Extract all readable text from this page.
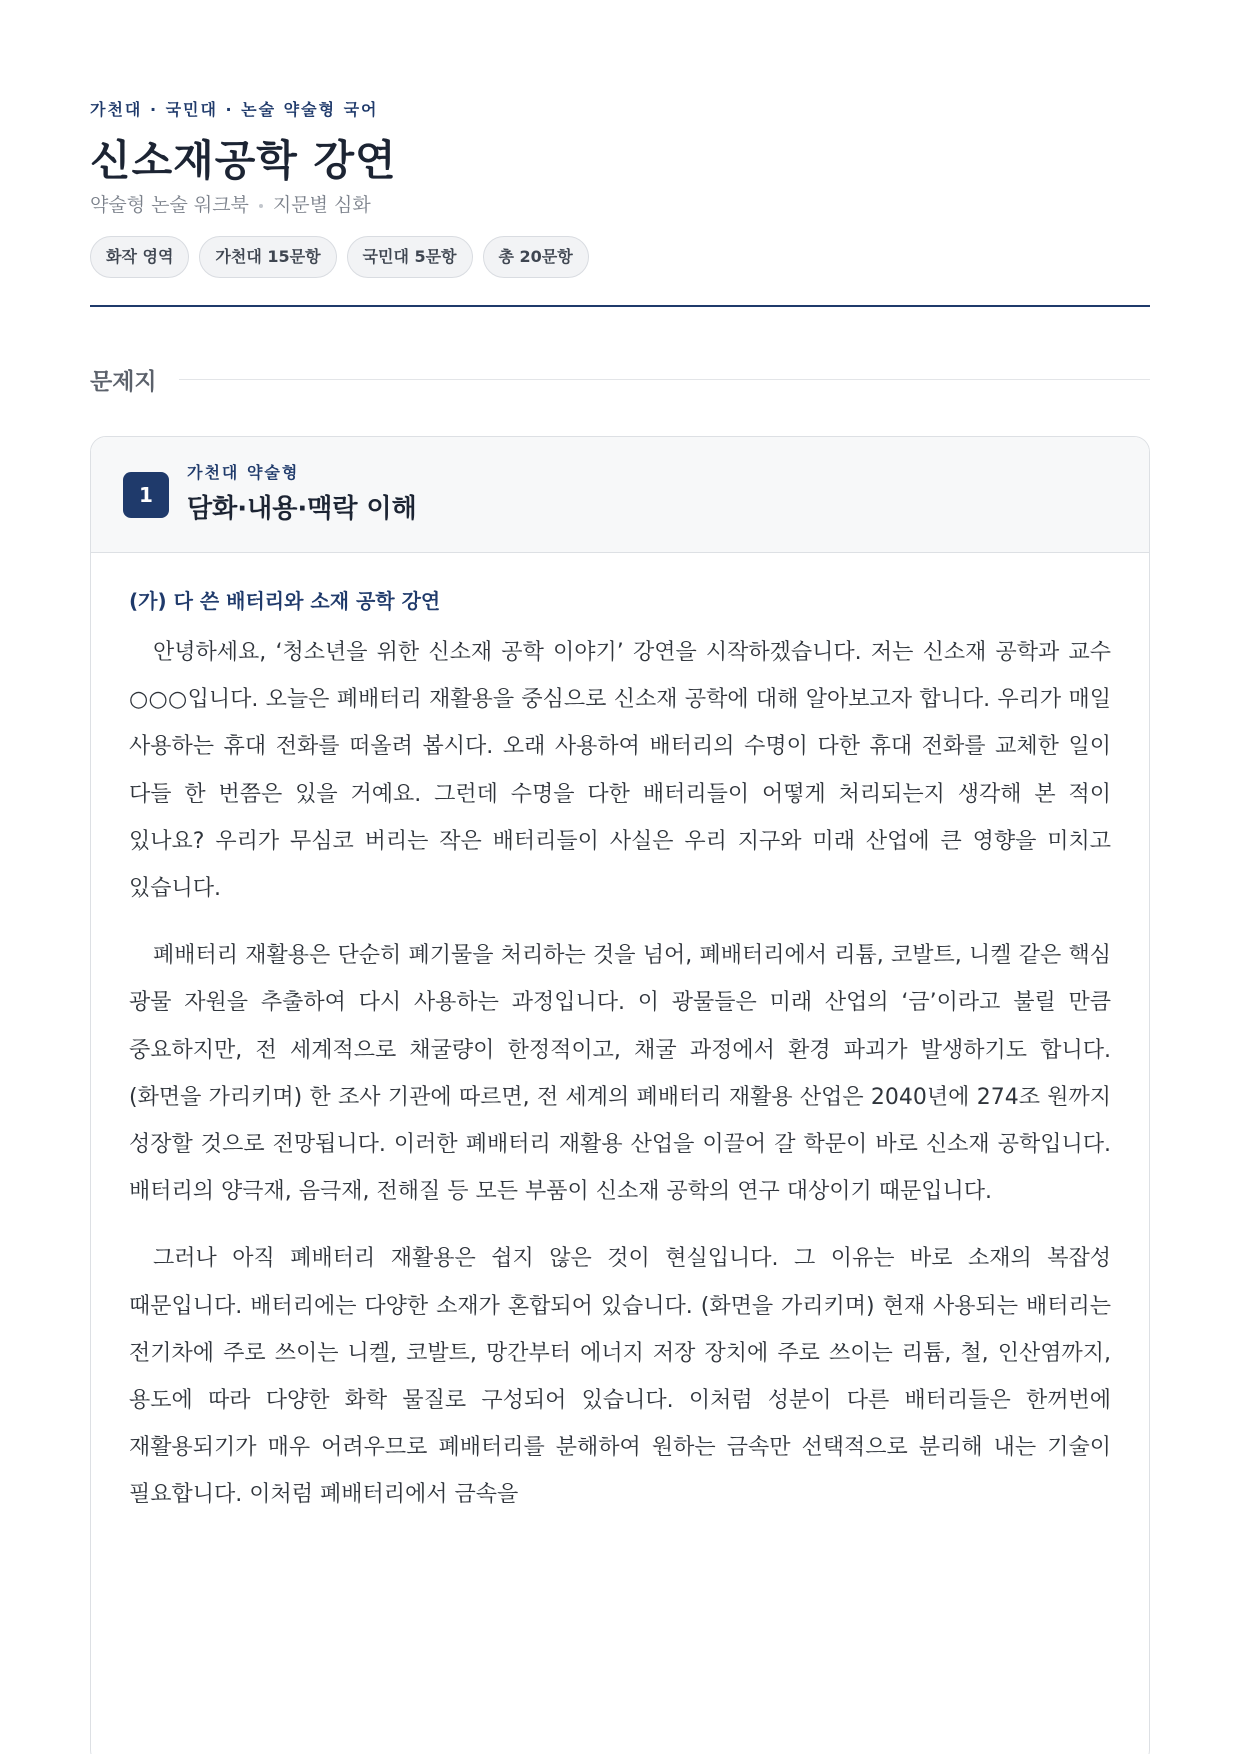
가천대 · 국민대 · 논술 약술형 국어
신소재공학 강연
약술형 논술 워크북 지문별 심화
화작 영역	가천대 15문항	국민대 5문항	총 20문항
문제지
1
가천대 약술형
담화·내용·맥락 이해
(가) 다 쓴 배터리와 소재 공학 강연

안녕하세요, ‘청소년을 위한 신소재 공학 이야기’ 강연을 시작하겠습니다. 저는 신소재 공학과 교수 ○○○입니다. 오늘은 폐배터리 재활용을 중심으로 신소재 공학에 대해 알아보고자 합니다. 우리가 매일 사용하는 휴대 전화를 떠올려 봅시다. 오래 사용하여 배터리의 수명이 다한 휴대 전화를 교체한 일이 다들 한 번쯤은 있을 거예요. 그런데 수명을 다한 배터리들이 어떻게 처리되는지 생각해 본 적이 있나요? 우리가 무심코 버리는 작은 배터리들이 사실은 우리 지구와 미래 산업에 큰 영향을 미치고 있습니다.

폐배터리 재활용은 단순히 폐기물을 처리하는 것을 넘어, 폐배터리에서 리튬, 코발트, 니켈 같은 핵심 광물 자원을 추출하여 다시 사용하는 과정입니다. 이 광물들은 미래 산업의 ‘금’이라고 불릴 만큼 중요하지만, 전 세계적으로 채굴량이 한정적이고, 채굴 과정에서 환경 파괴가 발생하기도 합니다. (화면을 가리키며) 한 조사 기관에 따르면, 전 세계의 폐배터리 재활용 산업은 2040년에 274조 원까지 성장할 것으로 전망됩니다. 이러한 폐배터리 재활용 산업을 이끌어 갈 학문이 바로 신소재 공학입니다. 배터리의 양극재, 음극재, 전해질 등 모든 부품이 신소재 공학의 연구 대상이기 때문입니다.

그러나 아직 폐배터리 재활용은 쉽지 않은 것이 현실입니다. 그 이유는 바로 소재의 복잡성 때문입니다. 배터리에는 다양한 소재가 혼합되어 있습니다. (화면을 가리키며) 현재 사용되는 배터리는 전기차에 주로 쓰이는 니켈, 코발트, 망간부터 에너지 저장 장치에 주로 쓰이는 리튬, 철, 인산염까지, 용도에 따라 다양한 화학 물질로 구성되어 있습니다. 이처럼 성분이 다른 배터리들은 한꺼번에 재활용되기가 매우 어려우므로 폐배터리를 분해하여 원하는 금속만 선택적으로 분리해 내는 기술이 필요합니다. 이처럼 폐배터리에서 금속을
